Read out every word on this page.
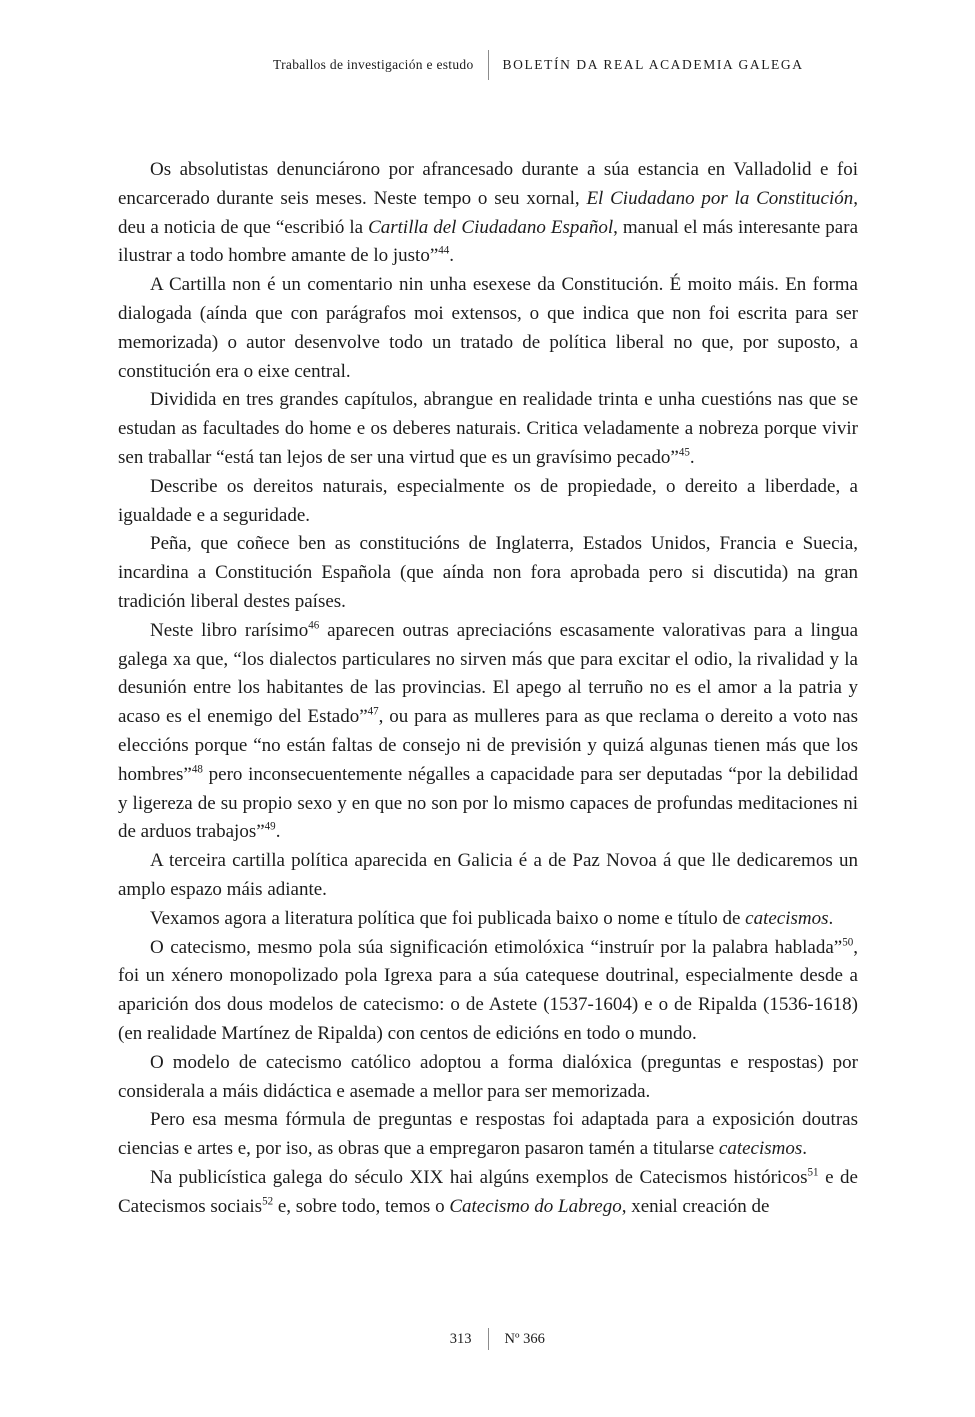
Traballos de investigación e estudo	BOLETÍN DA REAL ACADEMIA GALEGA

Os absolutistas denunciárono por afrancesado durante a súa estancia en Valladolid e foi encarcerado durante seis meses. Neste tempo o seu xornal, El Ciudadano por la Constitución, deu a noticia de que “escribió la Cartilla del Ciudadano Español, manual el más interesante para ilustrar a todo hombre amante de lo justo”$^{44}$.

A Cartilla non é un comentario nin unha esexese da Constitución. É moito máis. En forma dialogada (aínda que con parágrafos moi extensos, o que indica que non foi escrita para ser memorizada) o autor desenvolve todo un tratado de política liberal no que, por suposto, a constitución era o eixe central.

Dividida en tres grandes capítulos, abrangue en realidade trinta e unha cuestións nas que se estudan as facultades do home e os deberes naturais. Critica veladamente a nobreza porque vivir sen traballar “está tan lejos de ser una virtud que es un gravísimo pecado”$^{45}$.

Describe os dereitos naturais, especialmente os de propiedade, o dereito a liberdade, a igualdade e a seguridade.

Peña, que coñece ben as constitucións de Inglaterra, Estados Unidos, Francia e Suecia, incardina a Constitución Española (que aínda non fora aprobada pero si discutida) na gran tradición liberal destes países.

Neste libro rarísimo$^{46}$ aparecen outras apreciacións escasamente valorativas para a lingua galega xa que, “los dialectos particulares no sirven más que para excitar el odio, la rivalidad y la desunión entre los habitantes de las provincias. El apego al terruño no es el amor a la patria y acaso es el enemigo del Estado”$^{47}$, ou para as mulleres para as que reclama o dereito a voto nas eleccións porque “no están faltas de consejo ni de previsión y quizá algunas tienen más que los hombres”$^{48}$ pero inconsecuentemente négalles a capacidade para ser deputadas “por la debilidad y ligereza de su propio sexo y en que no son por lo mismo capaces de profundas meditaciones ni de arduos trabajos”$^{49}$.

A terceira cartilla política aparecida en Galicia é a de Paz Novoa á que lle dedicaremos un amplo espazo máis adiante.

Vexamos agora a literatura política que foi publicada baixo o nome e título de catecismos.

O catecismo, mesmo pola súa significación etimolóxica “instruír por la palabra hablada”$^{50}$, foi un xénero monopolizado pola Igrexa para a súa catequese doutrinal, especialmente desde a aparición dos dous modelos de catecismo: o de Astete (1537-1604) e o de Ripalda (1536-1618) (en realidade Martínez de Ripalda) con centos de edicións en todo o mundo.

O modelo de catecismo católico adoptou a forma dialóxica (preguntas e respostas) por considerala a máis didáctica e asemade a mellor para ser memorizada.

Pero esa mesma fórmula de preguntas e respostas foi adaptada para a exposición doutras ciencias e artes e, por iso, as obras que a empregaron pasaron tamén a titularse catecismos.

Na publicística galega do século XIX hai algúns exemplos de Catecismos históricos$^{51}$ e de Catecismos sociais$^{52}$ e, sobre todo, temos o Catecismo do Labrego, xenial creación de

313	Nº 366
